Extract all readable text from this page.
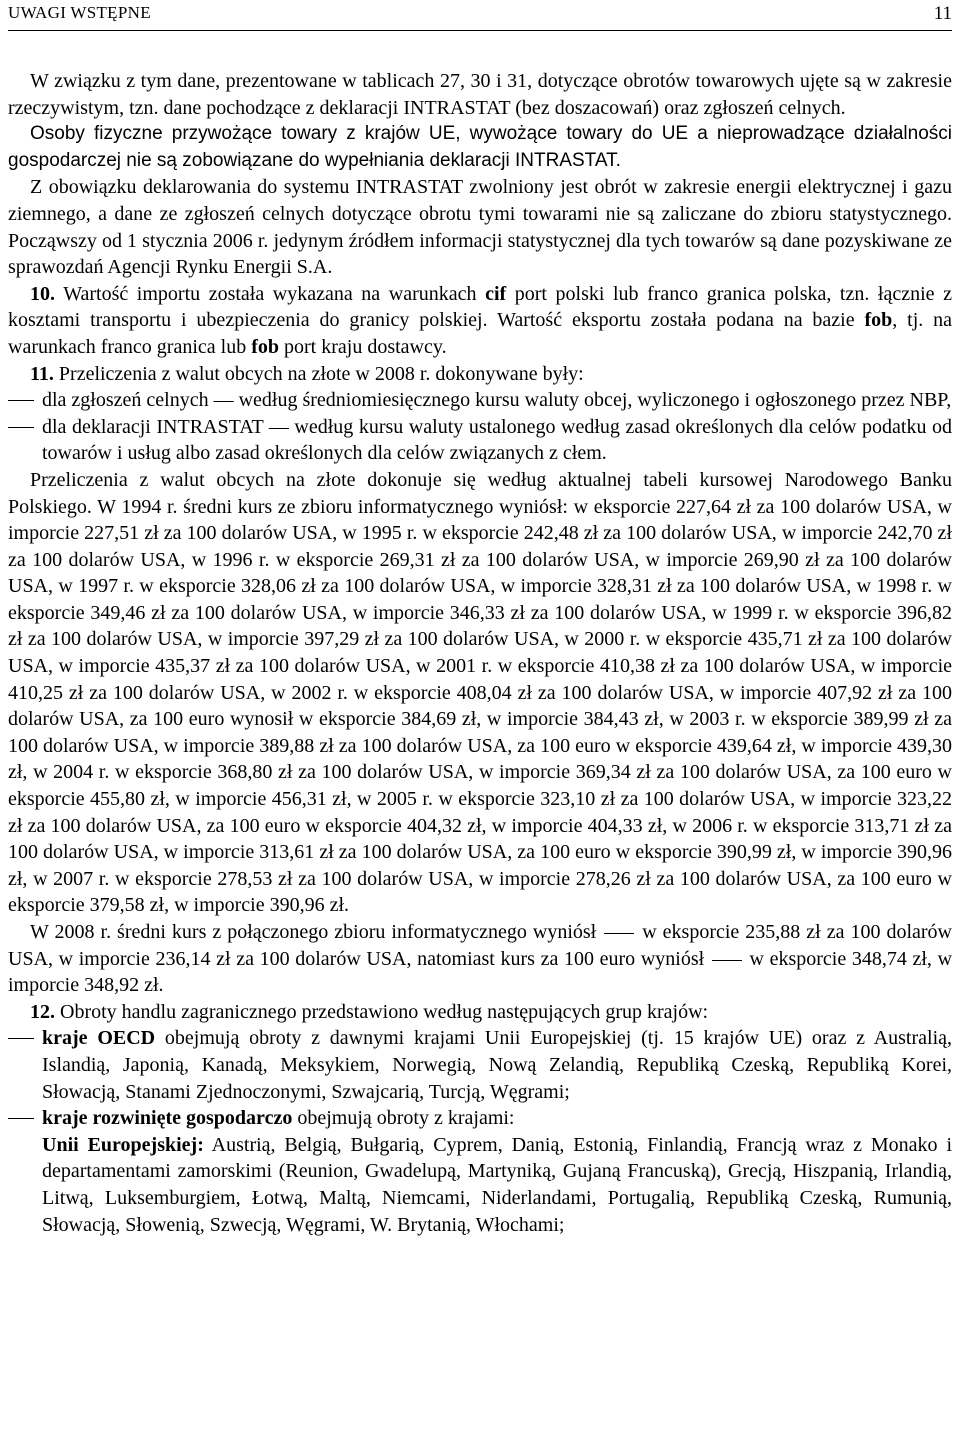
UWAGI WSTĘPNE	11

W związku z tym dane, prezentowane w tablicach 27, 30 i 31, dotyczące obrotów towarowych ujęte są w zakresie rzeczywistym, tzn. dane pochodzące z deklaracji INTRASTAT (bez doszacowań) oraz zgłoszeń celnych.

Osoby fizyczne przywożące towary z krajów UE, wywożące towary do UE a nieprowadzące działalności gospodarczej nie są zobowiązane do wypełniania deklaracji INTRASTAT.

Z obowiązku deklarowania do systemu INTRASTAT zwolniony jest obrót w zakresie energii elektrycznej i gazu ziemnego, a dane ze zgłoszeń celnych dotyczące obrotu tymi towarami nie są zaliczane do zbioru statystycznego. Począwszy od 1 stycznia 2006 r. jedynym źródłem informacji statystycznej dla tych towarów są dane pozyskiwane ze sprawozdań Agencji Rynku Energii S.A.

10. Wartość importu została wykazana na warunkach cif port polski lub franco granica polska, tzn. łącznie z kosztami transportu i ubezpieczenia do granicy polskiej. Wartość eksportu została podana na bazie fob, tj. na warunkach franco granica lub fob port kraju dostawcy.

11. Przeliczenia z walut obcych na złote w 2008 r. dokonywane były:

dla zgłoszeń celnych — według średniomiesięcznego kursu waluty obcej, wyliczonego i ogłoszonego przez NBP,
dla deklaracji INTRASTAT — według kursu waluty ustalonego według zasad określonych dla celów podatku od towarów i usług albo zasad określonych dla celów związanych z cłem.

Przeliczenia z walut obcych na złote dokonuje się według aktualnej tabeli kursowej Narodowego Banku Polskiego. W 1994 r. średni kurs ze zbioru informatycznego wyniósł: w eksporcie 227,64 zł za 100 dolarów USA, w imporcie 227,51 zł za 100 dolarów USA, w 1995 r. w eksporcie 242,48 zł za 100 dolarów USA, w imporcie 242,70 zł za 100 dolarów USA, w 1996 r. w eksporcie 269,31 zł za 100 dolarów USA, w imporcie 269,90 zł za 100 dolarów USA, w 1997 r. w eksporcie 328,06 zł za 100 dolarów USA, w imporcie 328,31 zł za 100 dolarów USA, w 1998 r. w eksporcie 349,46 zł za 100 dolarów USA, w imporcie 346,33 zł za 100 dolarów USA, w 1999 r. w eksporcie 396,82 zł za 100 dolarów USA, w imporcie 397,29 zł za 100 dolarów USA, w 2000 r. w eksporcie 435,71 zł za 100 dolarów USA, w imporcie 435,37 zł za 100 dolarów USA, w 2001 r. w eksporcie 410,38 zł za 100 dolarów USA, w imporcie 410,25 zł za 100 dolarów USA, w 2002 r. w eksporcie 408,04 zł za 100 dolarów USA, w imporcie 407,92 zł za 100 dolarów USA, za 100 euro wynosił w eksporcie 384,69 zł, w imporcie 384,43 zł, w 2003 r. w eksporcie 389,99 zł za 100 dolarów USA, w imporcie 389,88 zł za 100 dolarów USA, za 100 euro w eksporcie 439,64 zł, w imporcie 439,30 zł, w 2004 r. w eksporcie 368,80 zł za 100 dolarów USA, w imporcie 369,34 zł za 100 dolarów USA, za 100 euro w eksporcie 455,80 zł, w imporcie 456,31 zł, w 2005 r. w eksporcie 323,10 zł za 100 dolarów USA, w imporcie 323,22 zł za 100 dolarów USA, za 100 euro w eksporcie 404,32 zł, w imporcie 404,33 zł, w 2006 r. w eksporcie 313,71 zł za 100 dolarów USA, w imporcie 313,61 zł za 100 dolarów USA, za 100 euro w eksporcie 390,99 zł, w imporcie 390,96 zł, w 2007 r. w eksporcie 278,53 zł za 100 dolarów USA, w imporcie 278,26 zł za 100 dolarów USA, za 100 euro w eksporcie 379,58 zł, w imporcie 390,96 zł.

W 2008 r. średni kurs z połączonego zbioru informatycznego wyniósł w eksporcie 235,88 zł za 100 dolarów USA, w imporcie 236,14 zł za 100 dolarów USA, natomiast kurs za 100 euro wyniósł w eksporcie 348,74 zł, w imporcie 348,92 zł.

12. Obroty handlu zagranicznego przedstawiono według następujących grup krajów:

kraje OECD obejmują obroty z dawnymi krajami Unii Europejskiej (tj. 15 krajów UE) oraz z Australią, Islandią, Japonią, Kanadą, Meksykiem, Norwegią, Nową Zelandią, Republiką Czeską, Republiką Korei, Słowacją, Stanami Zjednoczonymi, Szwajcarią, Turcją, Węgrami;
kraje rozwinięte gospodarczo obejmują obroty z krajami:

Unii Europejskiej: Austrią, Belgią, Bułgarią, Cyprem, Danią, Estonią, Finlandią, Francją wraz z Monako i departamentami zamorskimi (Reunion, Gwadelupą, Martyniką, Gujaną Francuską), Grecją, Hiszpanią, Irlandią, Litwą, Luksemburgiem, Łotwą, Maltą, Niemcami, Niderlandami, Portugalią, Republiką Czeską, Rumunią, Słowacją, Słowenią, Szwecją, Węgrami, W. Brytanią, Włochami;
